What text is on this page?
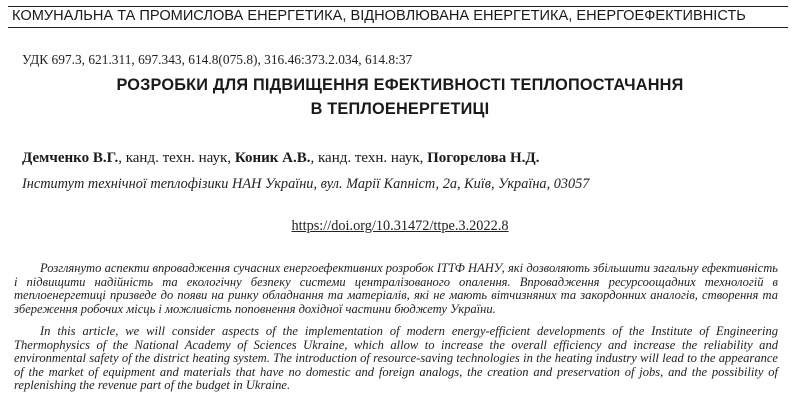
КОМУНАЛЬНА ТА ПРОМИСЛОВА ЕНЕРГЕТИКА, ВІДНОВЛЮВАНА ЕНЕРГЕТИКА, ЕНЕРГОЕФЕКТИВНІСТЬ
УДК 697.3, 621.311, 697.343, 614.8(075.8), 316.46:373.2.034, 614.8:37
РОЗРОБКИ ДЛЯ ПІДВИЩЕННЯ ЕФЕКТИВНОСТІ ТЕПЛОПОСТАЧАННЯ
В ТЕПЛОЕНЕРГЕТИЦІ
Демченко В.Г., канд. техн. наук, Коник А.В., канд. техн. наук, Погорєлова Н.Д.
Інститут технічної теплофізики НАН України, вул. Марії Капніст, 2а, Київ, Україна, 03057
https://doi.org/10.31472/ttpe.3.2022.8

Розглянуто аспекти впровадження сучасних енергоефективних розробок ІТТФ НАНУ, які дозволяють збільшити загальну ефективність і підвищити надійність та екологічну безпеку системи централізованого опалення. Впровадження ресурсоощадних технологій в теплоенергетиці призведе до появи на ринку обладнання та матеріалів, які не мають вітчизняних та закордонних аналогів, створення та збереження робочих місць і можливість поповнення дохідної частини бюджету України.

In this article, we will consider aspects of the implementation of modern energy-efficient developments of the Institute of Engineering Thermophysics of the National Academy of Sciences Ukraine, which allow to increase the overall efficiency and increase the reliability and environmental safety of the district heating system. The introduction of resource-saving technologies in the heating industry will lead to the appearance of the market of equipment and materials that have no domestic and foreign analogs, the creation and preservation of jobs, and the possibility of replenishing the revenue part of the budget in Ukraine.
